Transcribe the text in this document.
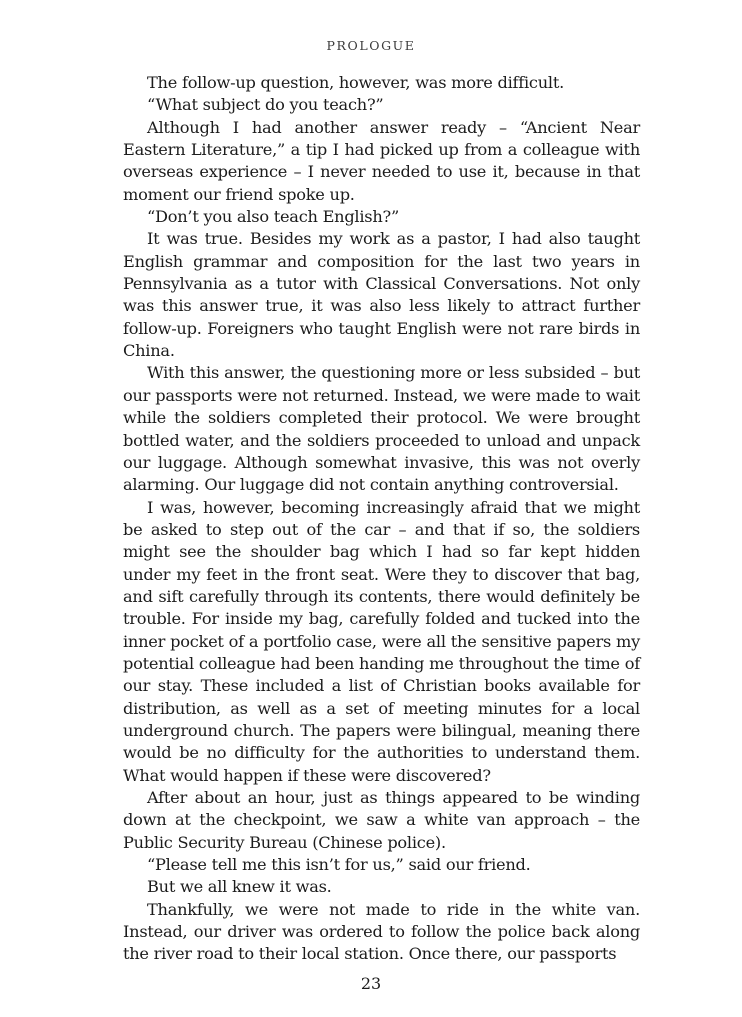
PROLOGUE

The follow-up question, however, was more difficult.

“What subject do you teach?”

Although I had another answer ready – “Ancient Near Eastern Literature,” a tip I had picked up from a colleague with overseas experience – I never needed to use it, because in that moment our friend spoke up.

“Don’t you also teach English?”

It was true. Besides my work as a pastor, I had also taught English grammar and composition for the last two years in Pennsylvania as a tutor with Classical Conversations. Not only was this answer true, it was also less likely to attract further follow-up. Foreigners who taught English were not rare birds in China.

With this answer, the questioning more or less subsided – but our passports were not returned. Instead, we were made to wait while the soldiers completed their protocol. We were brought bottled water, and the soldiers proceeded to unload and unpack our luggage. Although somewhat invasive, this was not overly alarming. Our luggage did not contain anything controversial.

I was, however, becoming increasingly afraid that we might be asked to step out of the car – and that if so, the soldiers might see the shoulder bag which I had so far kept hidden under my feet in the front seat. Were they to discover that bag, and sift carefully through its contents, there would definitely be trouble. For inside my bag, carefully folded and tucked into the inner pocket of a portfolio case, were all the sensitive papers my potential colleague had been handing me throughout the time of our stay. These included a list of Christian books available for distribution, as well as a set of meeting minutes for a local underground church. The papers were bilingual, meaning there would be no difficulty for the authorities to understand them. What would happen if these were discovered?

After about an hour, just as things appeared to be winding down at the checkpoint, we saw a white van approach – the Public Security Bureau (Chinese police).

“Please tell me this isn’t for us,” said our friend.

But we all knew it was.

Thankfully, we were not made to ride in the white van. Instead, our driver was ordered to follow the police back along the river road to their local station. Once there, our passports

23
